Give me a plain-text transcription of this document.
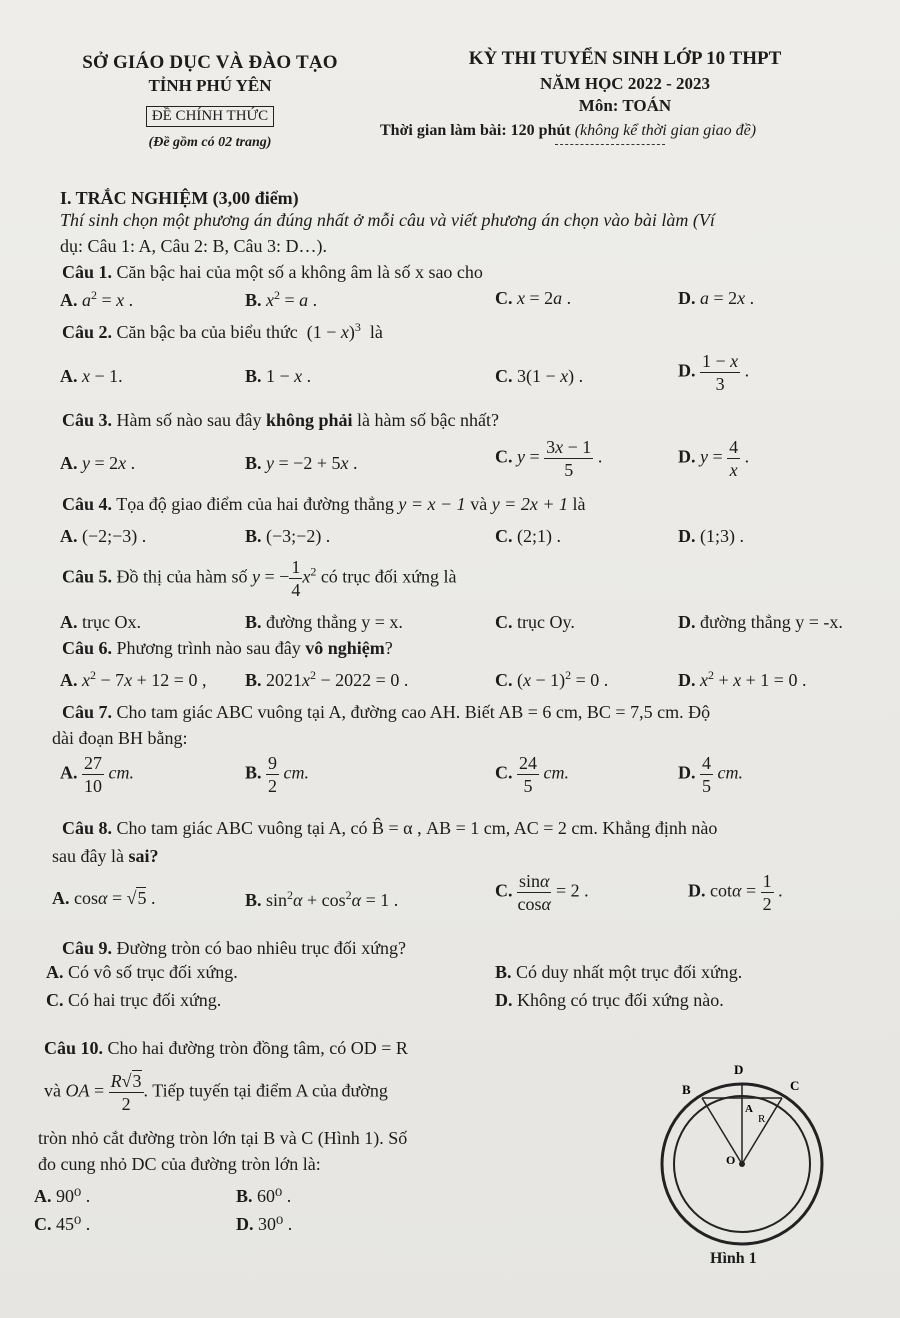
SỞ GIÁO DỤC VÀ ĐÀO TẠO
TỈNH PHÚ YÊN
ĐỀ CHÍNH THỨC
(Đề gồm có 02 trang)
KỲ THI TUYỂN SINH LỚP 10 THPT
NĂM HỌC 2022 - 2023
Môn: TOÁN
Thời gian làm bài: 120 phút (không kể thời gian giao đề)
I. TRẮC NGHIỆM (3,00 điểm)
Thí sinh chọn một phương án đúng nhất ở mỗi câu và viết phương án chọn vào bài làm (Ví
dụ: Câu 1: A, Câu 2: B, Câu 3: D…).
Câu 1. Căn bậc hai của một số a không âm là số x sao cho
A. $a^2 = x$ .	B. $x^2 = a$ .	C. x = 2a .	D. a = 2x .
Câu 2. Căn bậc ba của biểu thức  $(1 - x)^3$ là
A. x − 1.	B. 1 − x .	C. 3(1 − x) .	D. $\frac{1 - x}{3}$ .
Câu 3. Hàm số nào sau đây không phải là hàm số bậc nhất?
A. y = 2x .	B. y = −2 + 5x .	C. $y = \frac{3x - 1}{5}$ .	D. $y = \frac{4}{x}$ .
Câu 4. Tọa độ giao điểm của hai đường thẳng y = x − 1 và y = 2x + 1 là
A. (−2;−3) .	B. (−3;−2) .	C. (2;1) .	D. (1;3) .
Câu 5. Đồ thị của hàm số y = − $\frac{1}{4} x^2$ có trục đối xứng là
A. trục Ox.	B. đường thẳng y = x.	C. trục Oy.	D. đường thẳng y = -x.
Câu 6. Phương trình nào sau đây vô nghiệm?
A. $x^2 - 7x + 12 = 0$ , B. $2021x^2 - 2022 = 0$ .	C. $(x - 1)^2 = 0$ .	D. $x^2 + x + 1 = 0$ .
Câu 7. Cho tam giác ABC vuông tại A, đường cao AH. Biết AB = 6 cm, BC = 7,5 cm. Độ
dài đoạn BH bằng:
A. $\frac{27}{10}$ cm.	B. $\frac{9}{2}$ cm.	C. $\frac{24}{5}$ cm.	D. $\frac{4}{5}$ cm.
Câu 8. Cho tam giác ABC vuông tại A, có B̂ = α , AB = 1 cm, AC = 2 cm. Khẳng định nào
sau đây là sai?
A. cosα = √5 .	B. $\sin^2\alpha + \cos^2\alpha = 1$ .	C. $\frac{\sin\alpha}{\cos\alpha} = 2$ .	D. $\cot\alpha = \frac{1}{2}$ .
Câu 9. Đường tròn có bao nhiêu trục đối xứng?
A. Có vô số trục đối xứng.	B. Có duy nhất một trục đối xứng.
C. Có hai trục đối xứng.	D. Không có trục đối xứng nào.
Câu 10. Cho hai đường tròn đồng tâm, có OD = R
và OA = $\frac{R√3}{2}$ . Tiếp tuyến tại điểm A của đường
tròn nhỏ cắt đường tròn lớn tại B và C (Hình 1). Số
đo cung nhỏ DC của đường tròn lớn là:
A. 90⁰ .	B. 60⁰ .
C. 45⁰ .	D. 30⁰ .
D
B	C
A
O
R
Hình 1
